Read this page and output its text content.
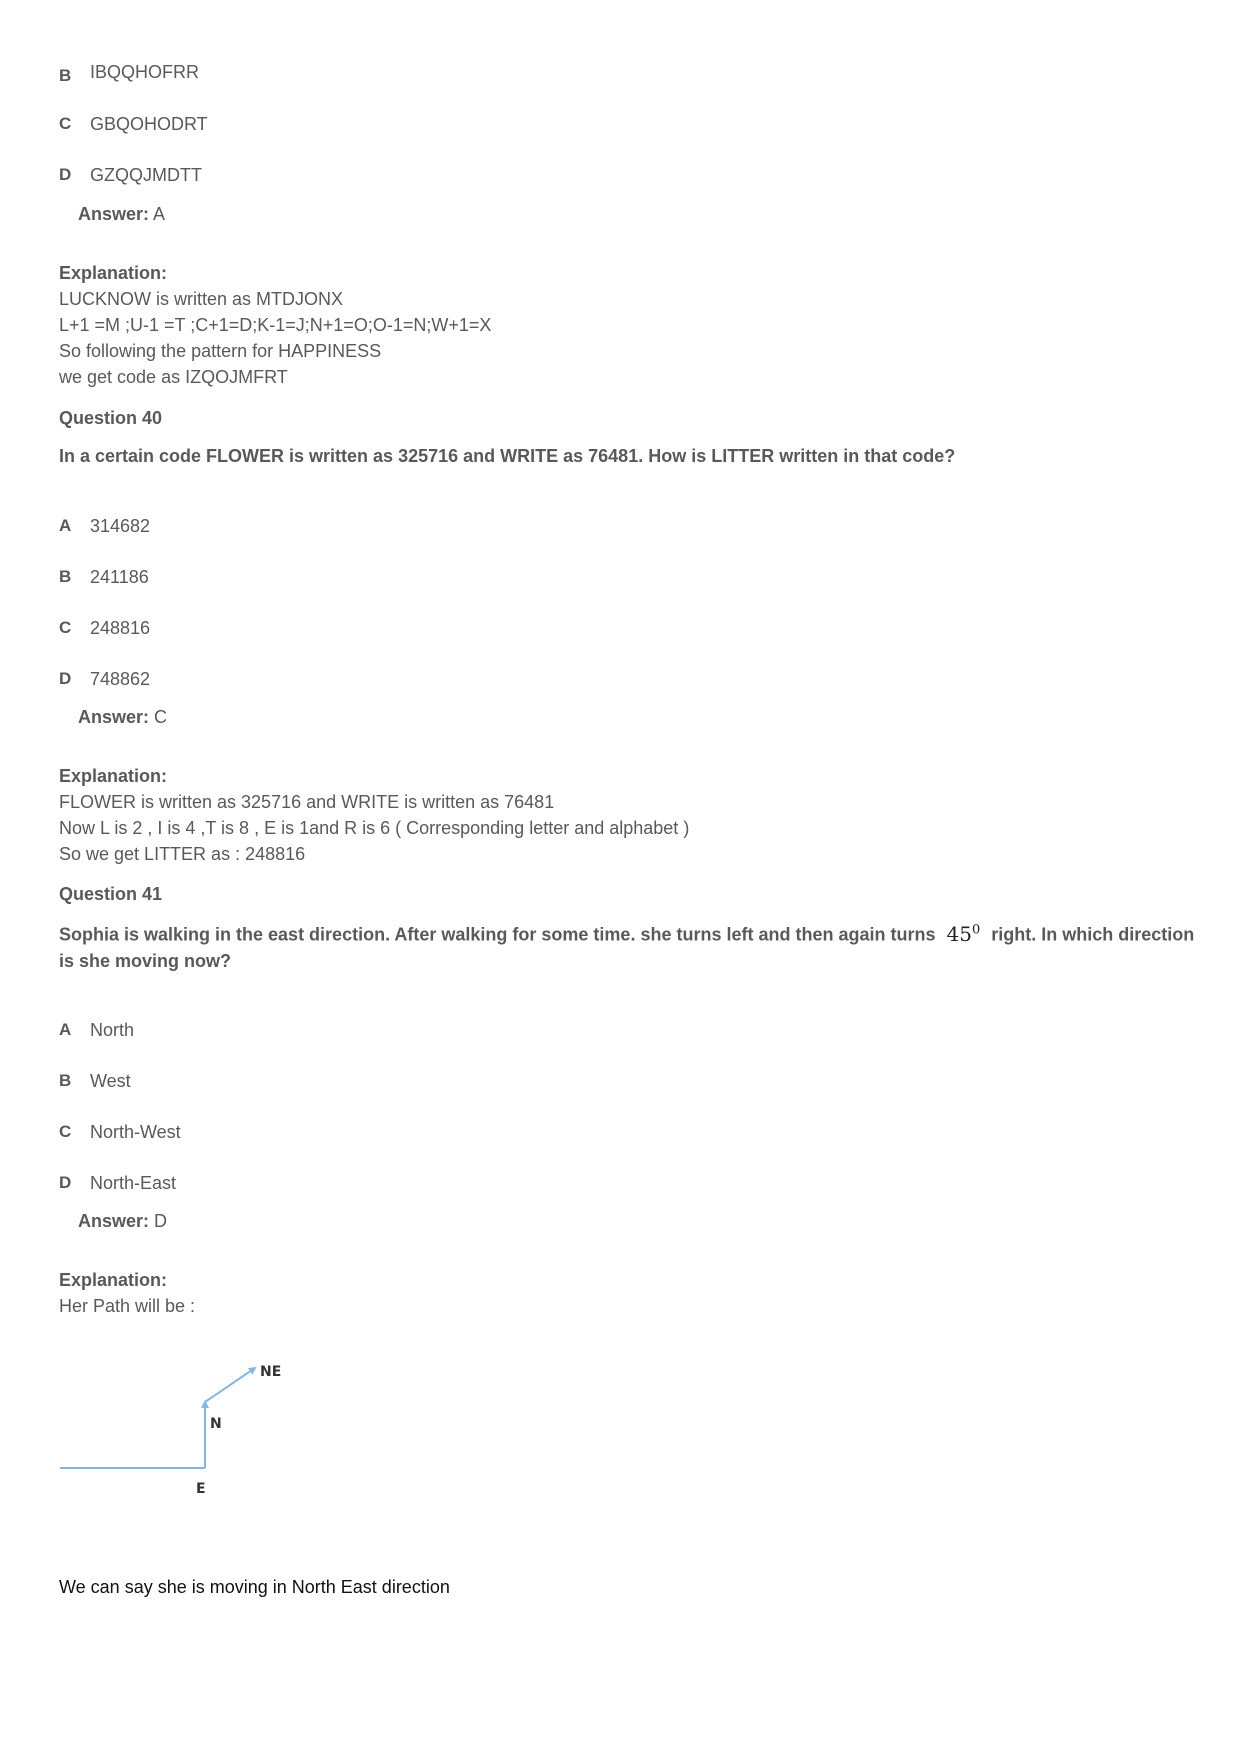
B IBQQHOFRR
C GBQOHODRT
D GZQQJMDTT
Answer: A
Explanation:
LUCKNOW is written as MTDJONX
L+1 =M ;U-1 =T ;C+1=D;K-1=J;N+1=O;O-1=N;W+1=X
So following the pattern for HAPPINESS
we get code as IZQOJMFRT
Question 40
In a certain code FLOWER is written as 325716 and WRITE as 76481. How is LITTER written in that code?
A 314682
B 241186
C 248816
D 748862
Answer: C
Explanation:
FLOWER is written as 325716 and WRITE is written as 76481
Now L is 2 , I is 4 ,T is 8 , E is 1and R is 6 ( Corresponding letter and alphabet )
So we get LITTER as : 248816
Question 41
Sophia is walking in the east direction. After walking for some time. she turns left and then again turns $45^0$ right. In which direction
is she moving now?
A North
B West
C North-West
D North-East
Answer: D
Explanation:
Her Path will be :
NE
N
E
We can say she is moving in North East direction
